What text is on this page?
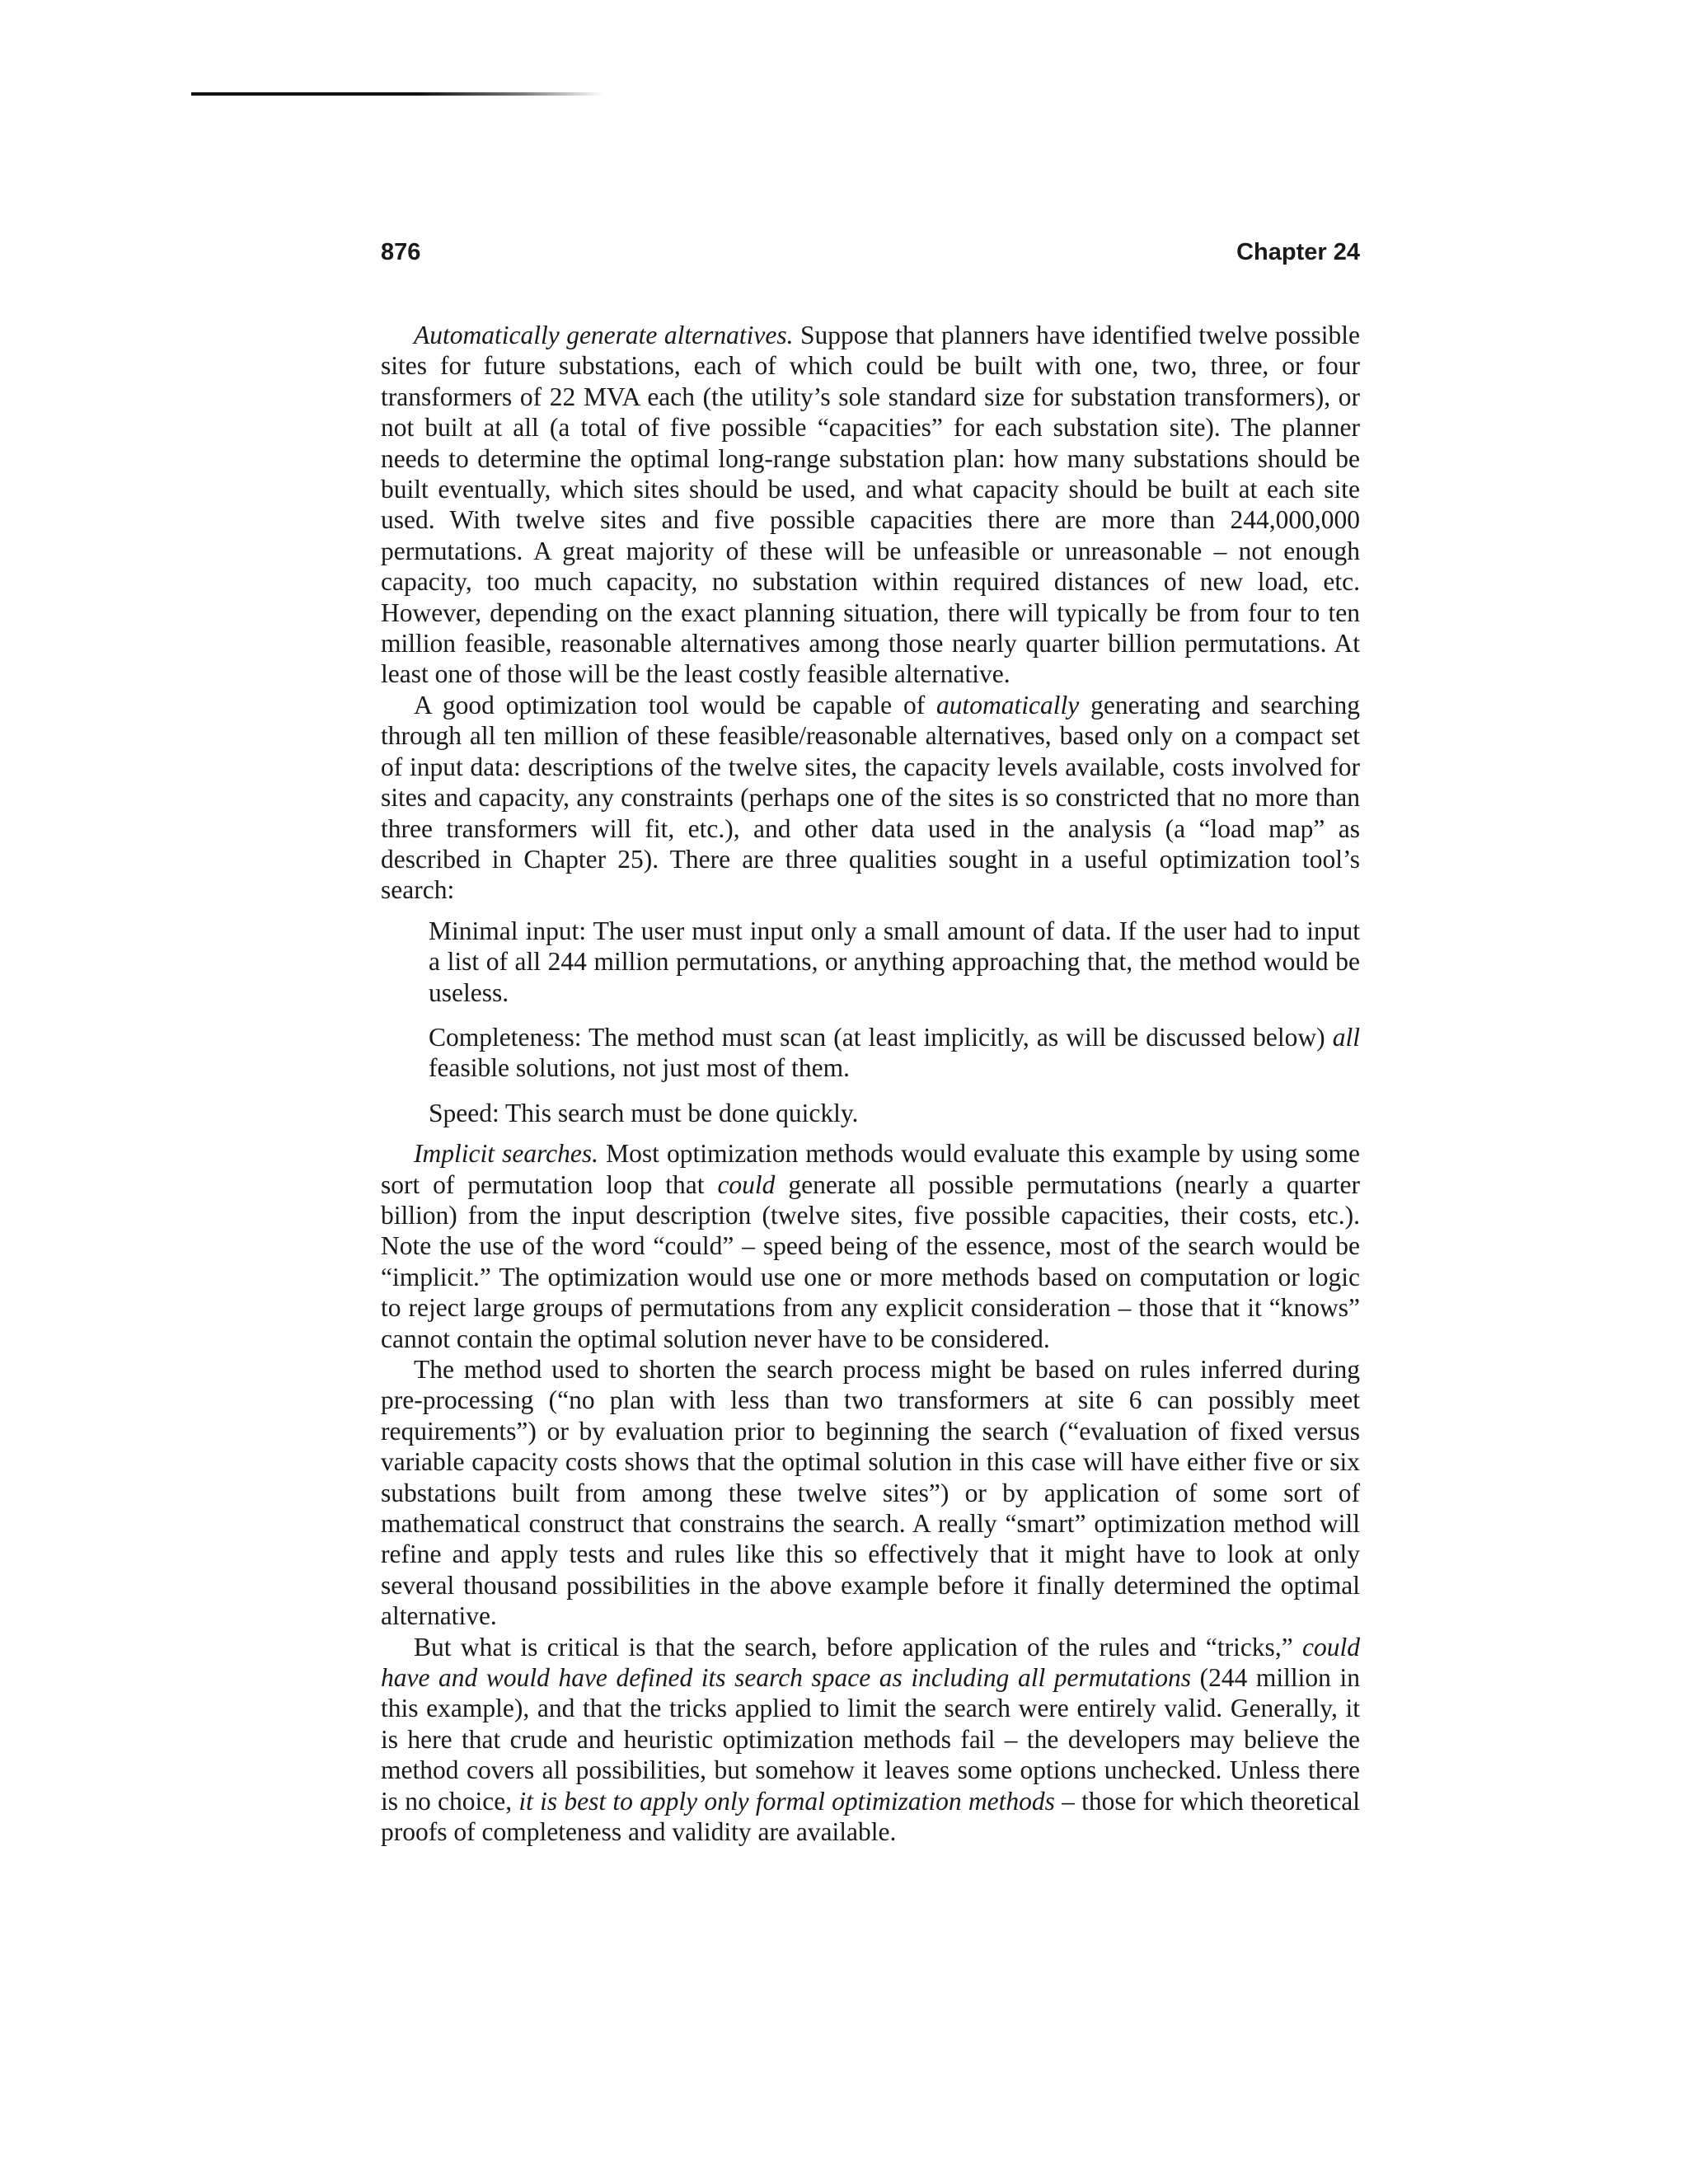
876	Chapter 24

Automatically generate alternatives. Suppose that planners have identified twelve possible sites for future substations, each of which could be built with one, two, three, or four transformers of 22 MVA each (the utility’s sole standard size for substation transformers), or not built at all (a total of five possible “capacities” for each substation site). The planner needs to determine the optimal long-range substation plan: how many substations should be built eventually, which sites should be used, and what capacity should be built at each site used. With twelve sites and five possible capacities there are more than 244,000,000 permutations. A great majority of these will be unfeasible or unreasonable – not enough capacity, too much capacity, no substation within required distances of new load, etc. However, depending on the exact planning situation, there will typically be from four to ten million feasible, reasonable alternatives among those nearly quarter billion permutations. At least one of those will be the least costly feasible alternative.

A good optimization tool would be capable of automatically generating and searching through all ten million of these feasible/reasonable alternatives, based only on a compact set of input data: descriptions of the twelve sites, the capacity levels available, costs involved for sites and capacity, any constraints (perhaps one of the sites is so constricted that no more than three transformers will fit, etc.), and other data used in the analysis (a “load map” as described in Chapter 25). There are three qualities sought in a useful optimization tool’s search:

Minimal input: The user must input only a small amount of data. If the user had to input a list of all 244 million permutations, or anything approaching that, the method would be useless.

Completeness: The method must scan (at least implicitly, as will be discussed below) all feasible solutions, not just most of them.

Speed: This search must be done quickly.

Implicit searches. Most optimization methods would evaluate this example by using some sort of permutation loop that could generate all possible permutations (nearly a quarter billion) from the input description (twelve sites, five possible capacities, their costs, etc.). Note the use of the word “could” – speed being of the essence, most of the search would be “implicit.” The optimization would use one or more methods based on computation or logic to reject large groups of permutations from any explicit consideration – those that it “knows” cannot contain the optimal solution never have to be considered.

The method used to shorten the search process might be based on rules inferred during pre-processing (“no plan with less than two transformers at site 6 can possibly meet requirements”) or by evaluation prior to beginning the search (“evaluation of fixed versus variable capacity costs shows that the optimal solution in this case will have either five or six substations built from among these twelve sites”) or by application of some sort of mathematical construct that constrains the search. A really “smart” optimization method will refine and apply tests and rules like this so effectively that it might have to look at only several thousand possibilities in the above example before it finally determined the optimal alternative.

But what is critical is that the search, before application of the rules and “tricks,” could have and would have defined its search space as including all permutations (244 million in this example), and that the tricks applied to limit the search were entirely valid. Generally, it is here that crude and heuristic optimization methods fail – the developers may believe the method covers all possibilities, but somehow it leaves some options unchecked. Unless there is no choice, it is best to apply only formal optimization methods – those for which theoretical proofs of completeness and validity are available.
